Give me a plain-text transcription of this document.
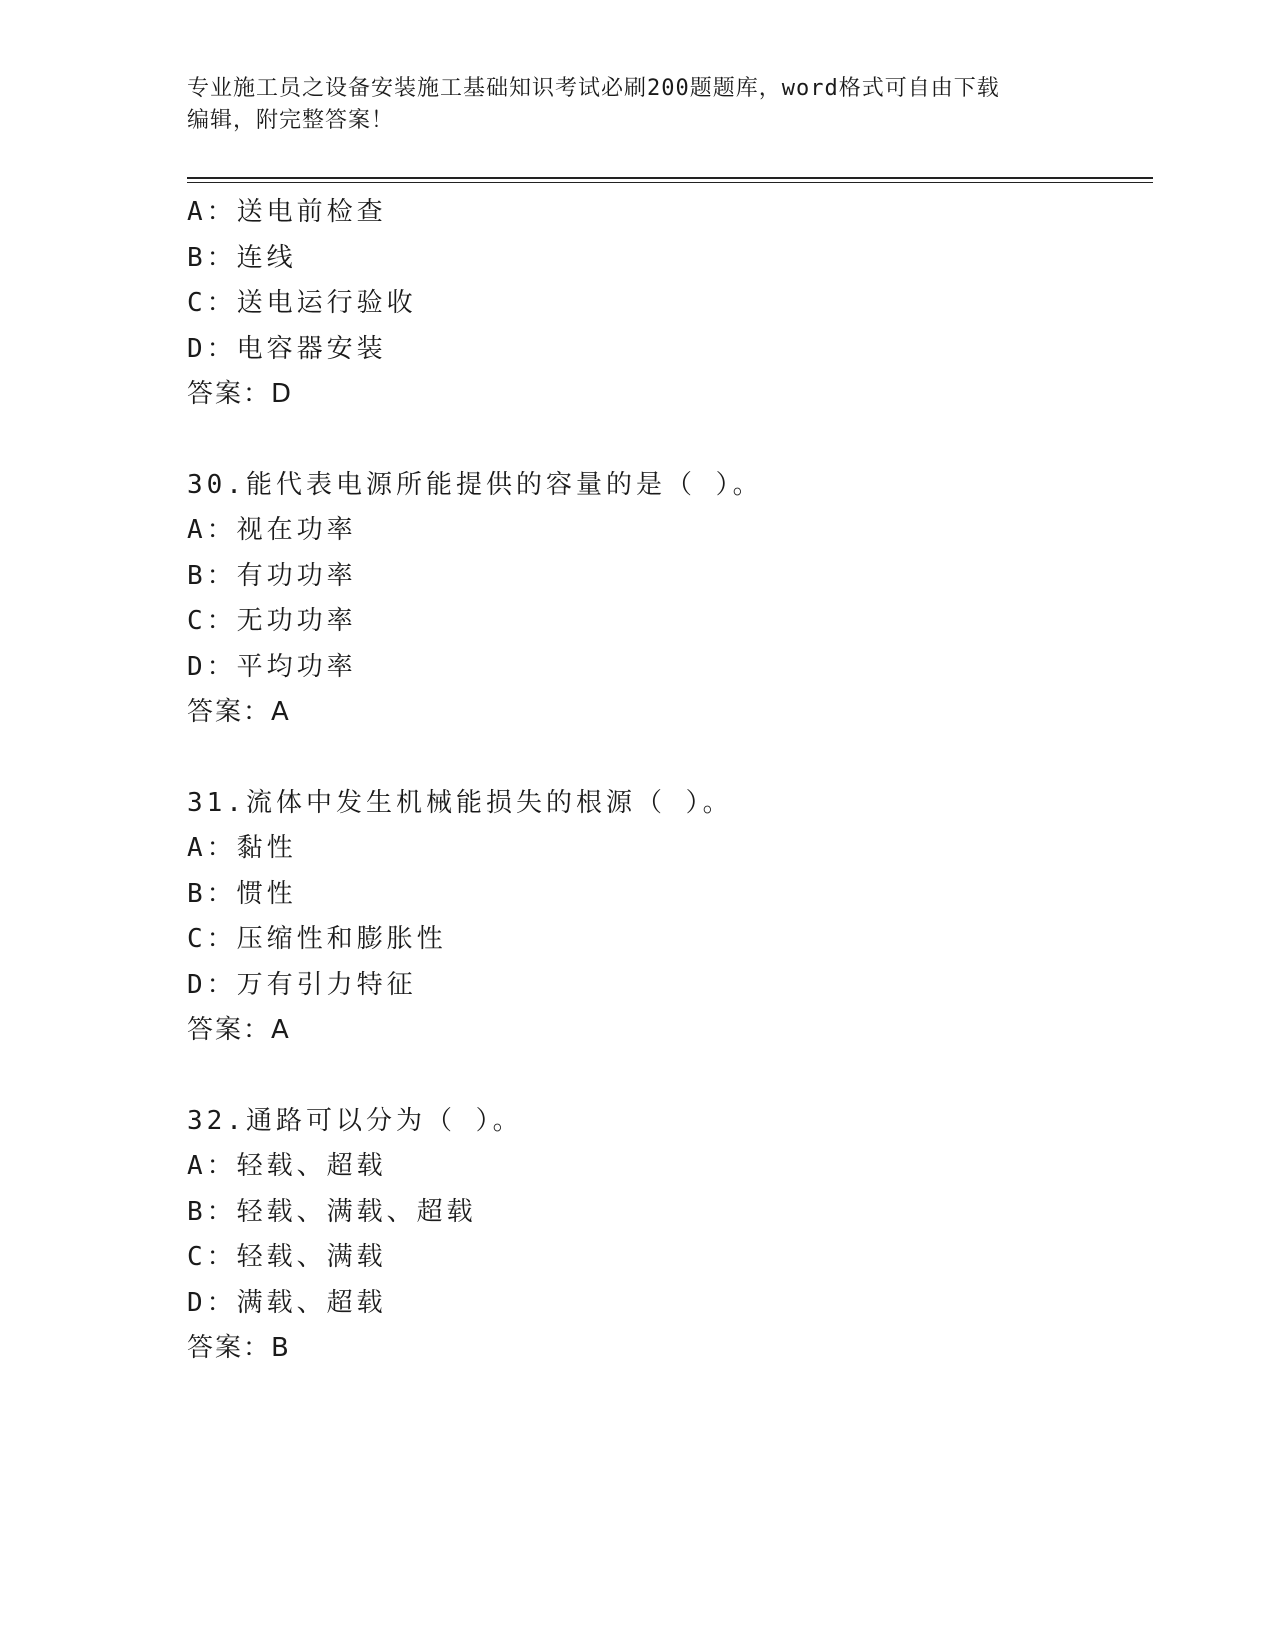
专业施工员之设备安装施工基础知识考试必刷200题题库，word格式可自由下载
编辑，附完整答案！
A：送电前检查
B：连线
C：送电运行验收
D：电容器安装
答案：D
30.能代表电源所能提供的容量的是（ ）。
A：视在功率
B：有功功率
C：无功功率
D：平均功率
答案：A
31.流体中发生机械能损失的根源（ ）。
A：黏性
B：惯性
C：压缩性和膨胀性
D：万有引力特征
答案：A
32.通路可以分为（ ）。
A：轻载、超载
B：轻载、满载、超载
C：轻载、满载
D：满载、超载
答案：B
